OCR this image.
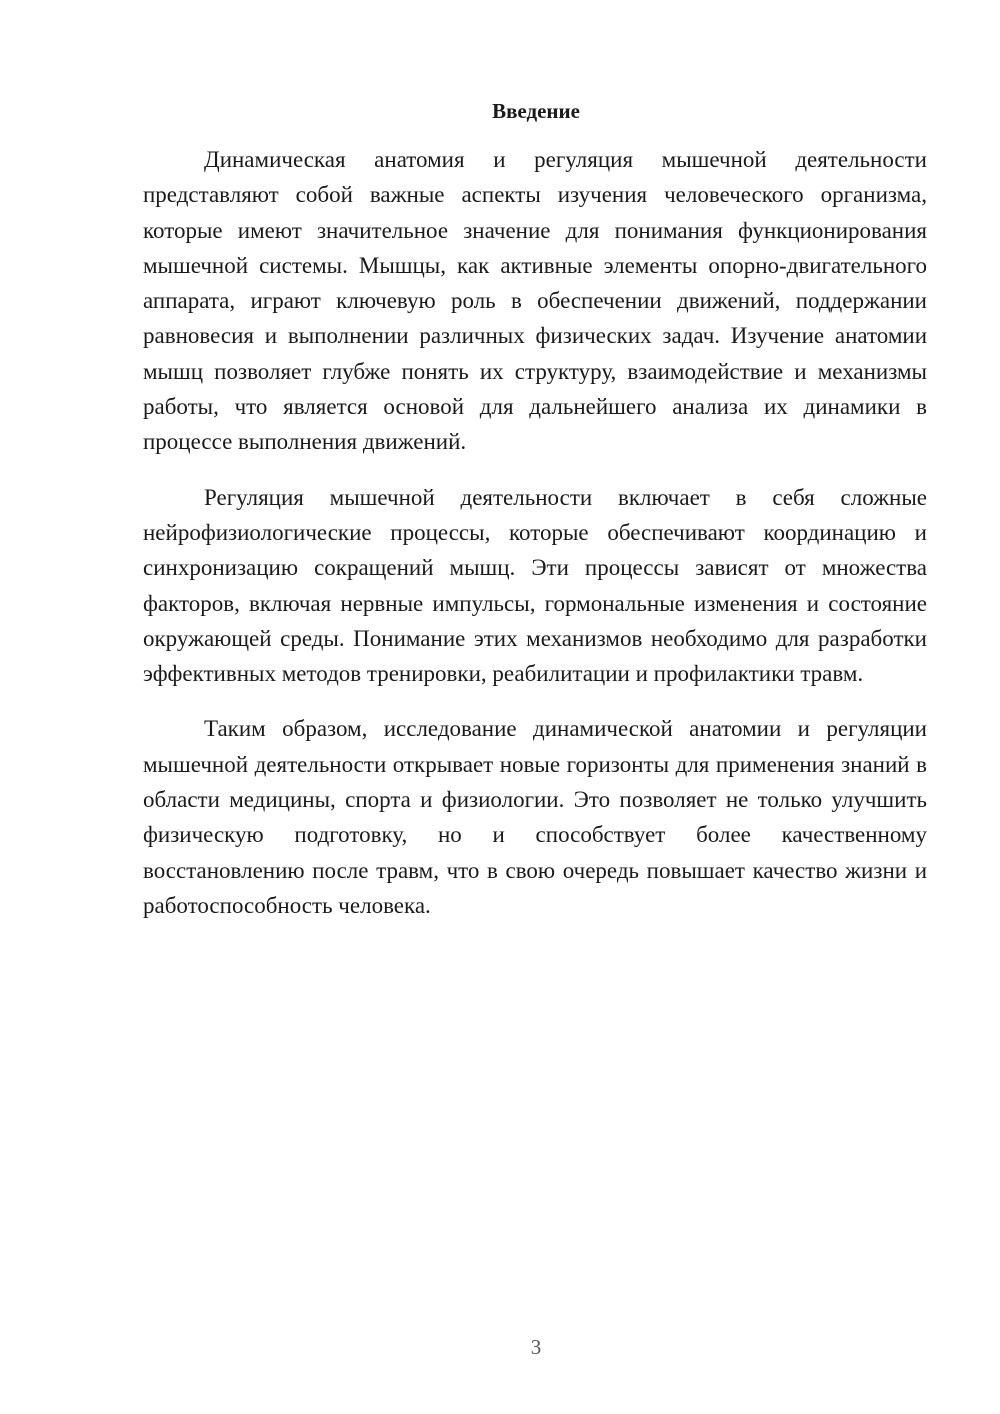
Введение

Динамическая анатомия и регуляция мышечной деятельности представляют собой важные аспекты изучения человеческого организма, которые имеют значительное значение для понимания функционирования мышечной системы. Мышцы, как активные элементы опорно-двигательного аппарата, играют ключевую роль в обеспечении движений, поддержании равновесия и выполнении различных физических задач. Изучение анатомии мышц позволяет глубже понять их структуру, взаимодействие и механизмы работы, что является основой для дальнейшего анализа их динамики в процессе выполнения движений.

Регуляция мышечной деятельности включает в себя сложные нейрофизиологические процессы, которые обеспечивают координацию и синхронизацию сокращений мышц. Эти процессы зависят от множества факторов, включая нервные импульсы, гормональные изменения и состояние окружающей среды. Понимание этих механизмов необходимо для разработки эффективных методов тренировки, реабилитации и профилактики травм.

Таким образом, исследование динамической анатомии и регуляции мышечной деятельности открывает новые горизонты для применения знаний в области медицины, спорта и физиологии. Это позволяет не только улучшить физическую подготовку, но и способствует более качественному восстановлению после травм, что в свою очередь повышает качество жизни и работоспособность человека.

3
